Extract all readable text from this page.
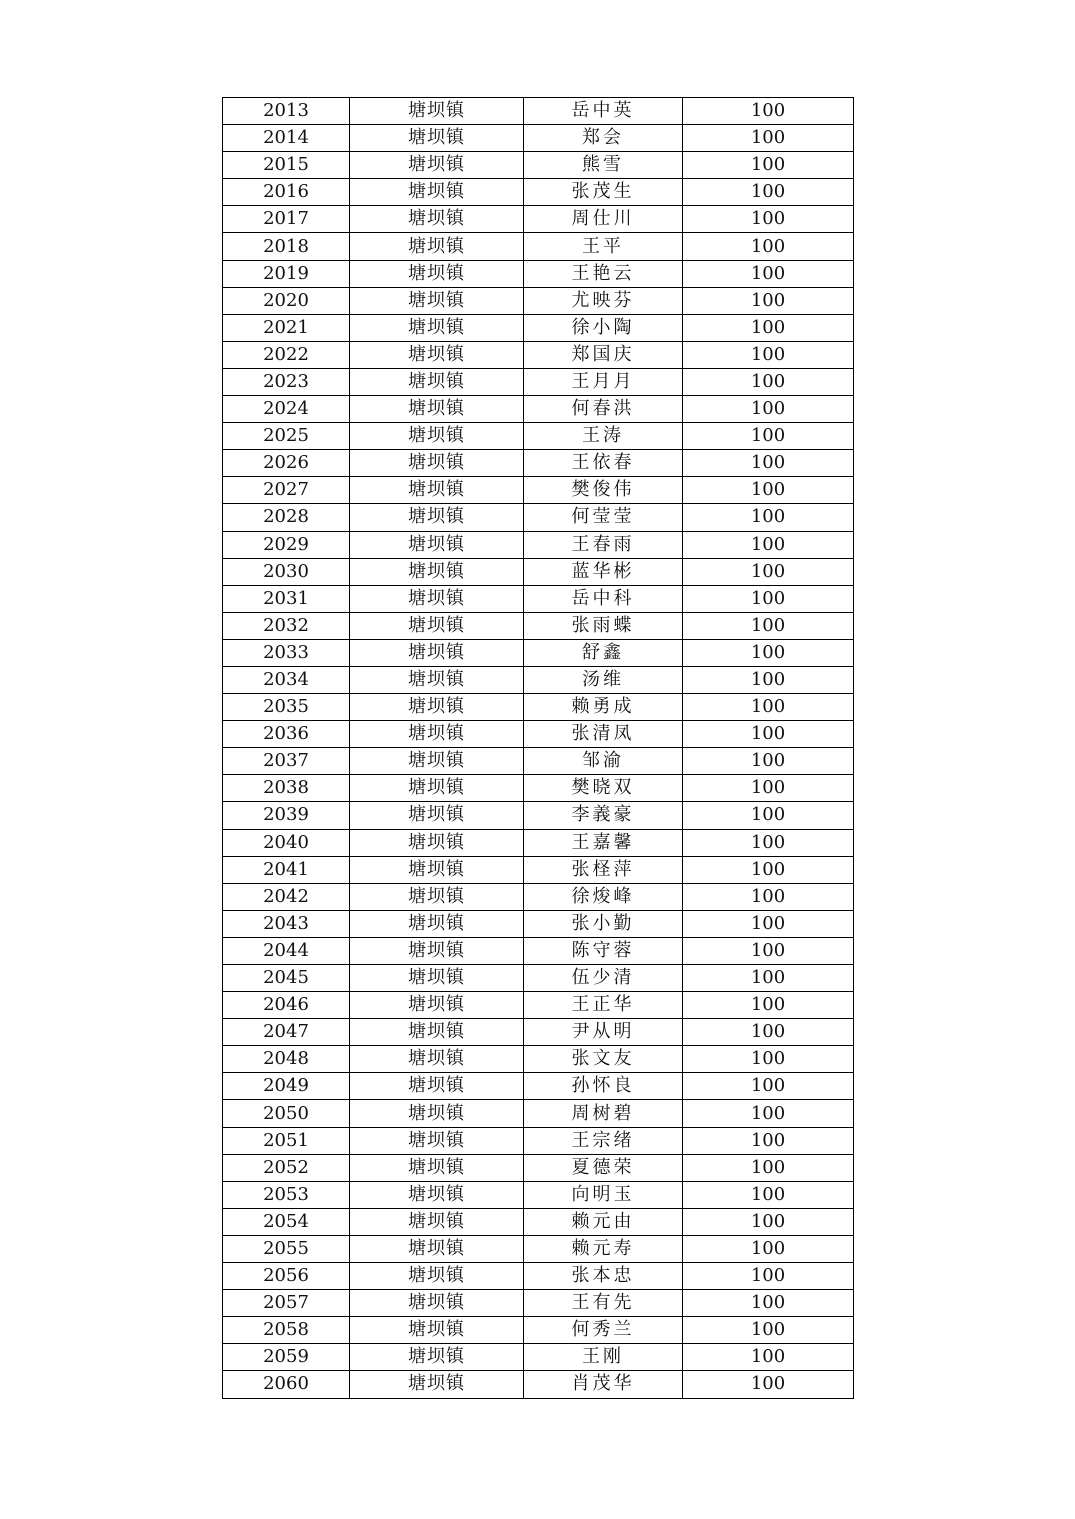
2013	塘坝镇	岳中英	100
2014	塘坝镇	郑会	100
2015	塘坝镇	熊雪	100
2016	塘坝镇	张茂生	100
2017	塘坝镇	周仕川	100
2018	塘坝镇	王平	100
2019	塘坝镇	王艳云	100
2020	塘坝镇	尤映芬	100
2021	塘坝镇	徐小陶	100
2022	塘坝镇	郑国庆	100
2023	塘坝镇	王月月	100
2024	塘坝镇	何春洪	100
2025	塘坝镇	王涛	100
2026	塘坝镇	王依春	100
2027	塘坝镇	樊俊伟	100
2028	塘坝镇	何莹莹	100
2029	塘坝镇	王春雨	100
2030	塘坝镇	蓝华彬	100
2031	塘坝镇	岳中科	100
2032	塘坝镇	张雨蝶	100
2033	塘坝镇	舒鑫	100
2034	塘坝镇	汤维	100
2035	塘坝镇	赖勇成	100
2036	塘坝镇	张清凤	100
2037	塘坝镇	邹渝	100
2038	塘坝镇	樊晓双	100
2039	塘坝镇	李義豪	100
2040	塘坝镇	王嘉馨	100
2041	塘坝镇	张柽萍	100
2042	塘坝镇	徐焌峰	100
2043	塘坝镇	张小勤	100
2044	塘坝镇	陈守蓉	100
2045	塘坝镇	伍少清	100
2046	塘坝镇	王正华	100
2047	塘坝镇	尹从明	100
2048	塘坝镇	张文友	100
2049	塘坝镇	孙怀良	100
2050	塘坝镇	周树碧	100
2051	塘坝镇	王宗绪	100
2052	塘坝镇	夏德荣	100
2053	塘坝镇	向明玉	100
2054	塘坝镇	赖元由	100
2055	塘坝镇	赖元寿	100
2056	塘坝镇	张本忠	100
2057	塘坝镇	王有先	100
2058	塘坝镇	何秀兰	100
2059	塘坝镇	王刚	100
2060	塘坝镇	肖茂华	100
